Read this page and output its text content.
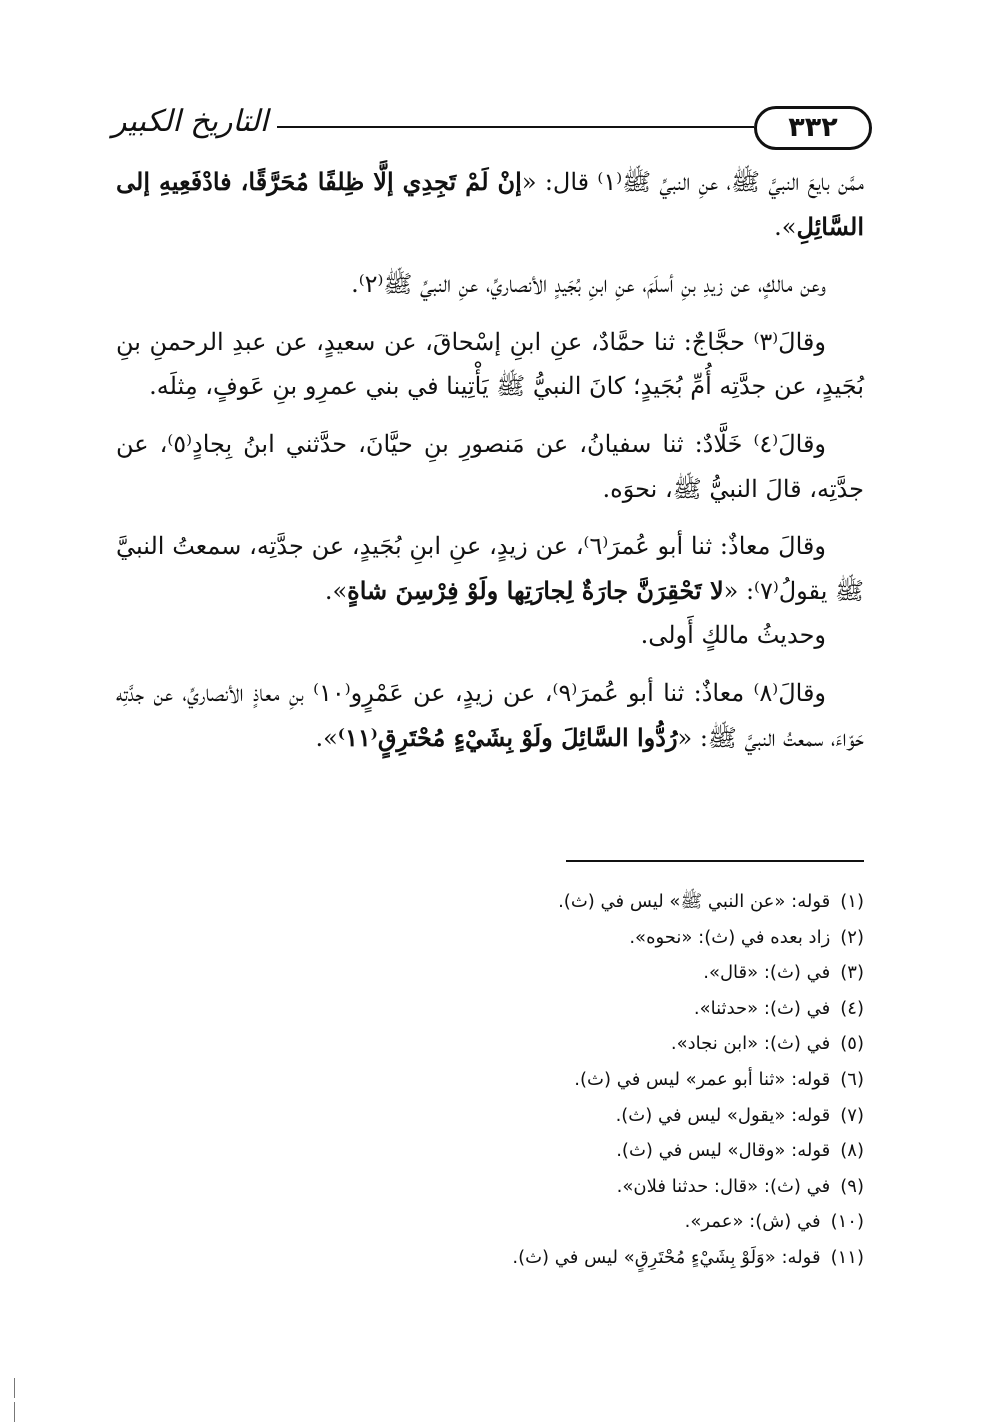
التاريخ الكبير	٣٣٢

ممَّن بايعَ النبيَّ ﷺ، عنِ النبيِّ ﷺ⁽١⁾ قال: «إنْ لَمْ تَجِدِي إلَّا ظِلفًا مُحَرَّقًا، فادْفَعِيهِ إلى السَّائِلِ».

وعن مالكٍ، عن زيدِ بنِ أسلَمَ، عنِ ابنِ بُجَيدٍ الأنصاريِّ، عنِ النبيِّ ﷺ⁽٢⁾.

وقالَ⁽٣⁾ حجَّاجٌ: ثنا حمَّادٌ، عنِ ابنِ إسْحاقَ، عن سعيدٍ، عن عبدِ الرحمنِ بنِ بُجَيدٍ، عن جدَّتِه أُمِّ بُجَيدٍ؛ كانَ النبيُّ ﷺ يَأْتِينا في بني عمرِو بنِ عَوفٍ، مِثلَه.

وقالَ⁽٤⁾ خَلَّادٌ: ثنا سفيانُ، عن مَنصورِ بنِ حيَّانَ، حدَّثني ابنُ بِجادٍ⁽٥⁾، عن جدَّتِه، قالَ النبيُّ ﷺ، نحوَه.

وقالَ معاذٌ: ثنا أبو عُمرَ⁽٦⁾، عن زيدٍ، عنِ ابنِ بُجَيدٍ، عن جدَّتِه، سمعتُ النبيَّ ﷺ يقولُ⁽٧⁾: «لا تَحْقِرَنَّ جارَةٌ لِجارَتِها ولَوْ فِرْسِنَ شاةٍ».

وحديثُ مالكٍ أَولى.

وقالَ⁽٨⁾ معاذٌ: ثنا أبو عُمرَ⁽٩⁾، عن زيدٍ، عن عَمْرٍو⁽١٠⁾ بنِ معاذٍ الأنصاريِّ، عن جدَّتِه حَوّاءَ، سمعتُ النبيَّ ﷺ: «رُدُّوا السَّائِلَ ولَوْ بِشَيْءٍ مُحْتَرِقٍ⁽١١⁾».

(١)قوله: «عن النبي ﷺ» ليس في (ث).
(٢)زاد بعده في (ث): «نحوه».
(٣)في (ث): «قال».
(٤)في (ث): «حدثنا».
(٥)في (ث): «ابن نجاد».
(٦)قوله: «ثنا أبو عمر» ليس في (ث).
(٧)قوله: «يقول» ليس في (ث).
(٨)قوله: «وقال» ليس في (ث).
(٩)في (ث): «قال: حدثنا فلان».
(١٠)في (ش): «عمر».
(١١)قوله: «وَلَوْ بِشَيْءٍ مُحْتَرِقٍ» ليس في (ث).
